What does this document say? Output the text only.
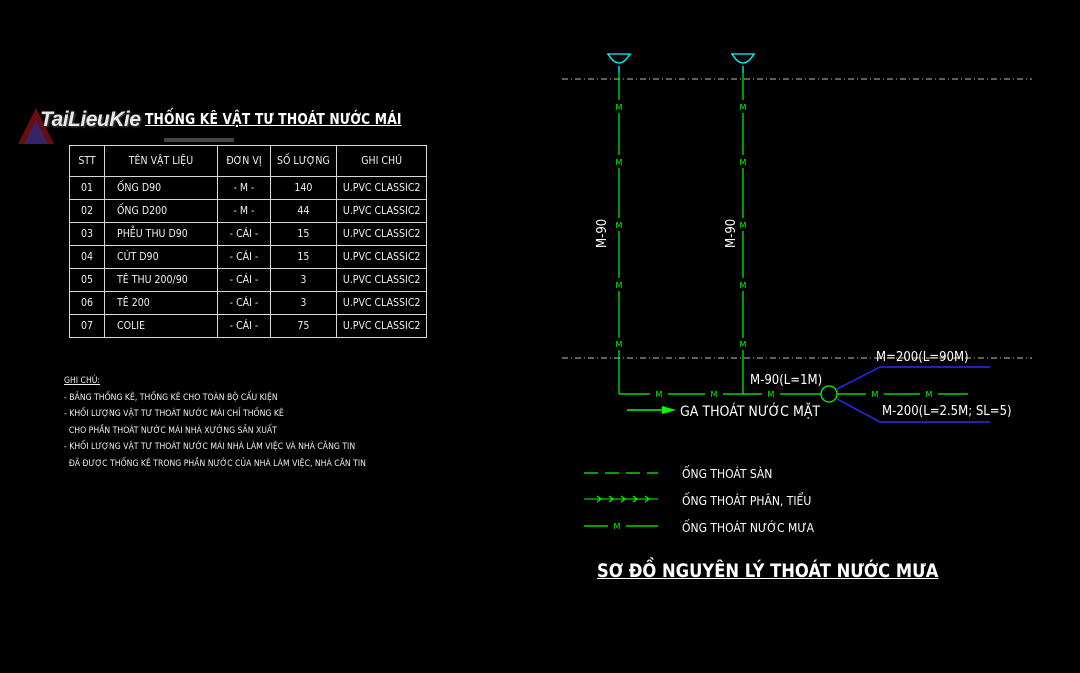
TaiLieuKie THỐNG KÊ VẬT TƯ THOÁT NƯỚC MÁI
STT	TÊN VẬT LIỆU	ĐƠN VỊ	SỐ LƯỢNG	GHI CHÚ
01	ỐNG D90	- M -	140	U.PVC CLASSIC2
02	ỐNG D200	- M -	44	U.PVC CLASSIC2
03	PHỄU THU D90	- CÁI -	15	U.PVC CLASSIC2
04	CÚT D90	- CÁI -	15	U.PVC CLASSIC2
05	TÊ THU 200/90	- CÁI -	3	U.PVC CLASSIC2
06	TÊ 200	- CÁI -	3	U.PVC CLASSIC2
07	COLIE	- CÁI -	75	U.PVC CLASSIC2
GHI CHÚ:
- BẢNG THỐNG KÊ, THỐNG KÊ CHO TOÀN BỘ CẤU KIỆN
- KHỐI LƯỢNG VẬT TƯ THOÁT NƯỚC MÁI CHỈ THỐNG KÊ
CHO PHẦN THOÁT NƯỚC MÁI NHÀ XƯỞNG SẢN XUẤT
- KHỐI LƯỢNG VẬT TƯ THOÁT NƯỚC MÁI NHÀ LÀM VIỆC VÀ NHÀ CĂNG TIN
ĐÃ ĐƯỢC THỐNG KÊ TRONG PHẦN NƯỚC CỦA NHÀ LÀM VIỆC, NHÀ CĂN TIN
M
M
M
M
M
M
M
M
M
M
M-90	M-90
M	M	M
GA THOÁT NƯỚC MẶT
M-90(L=1M)
M=200(L=90M)
M-200(L=2.5M; SL=5)
M	M
ỐNG THOÁT SÀN
ỐNG THOÁT PHÂN, TIỂU
M	ỐNG THOÁT NƯỚC MƯA
SƠ ĐỒ NGUYÊN LÝ THOÁT NƯỚC MƯA
